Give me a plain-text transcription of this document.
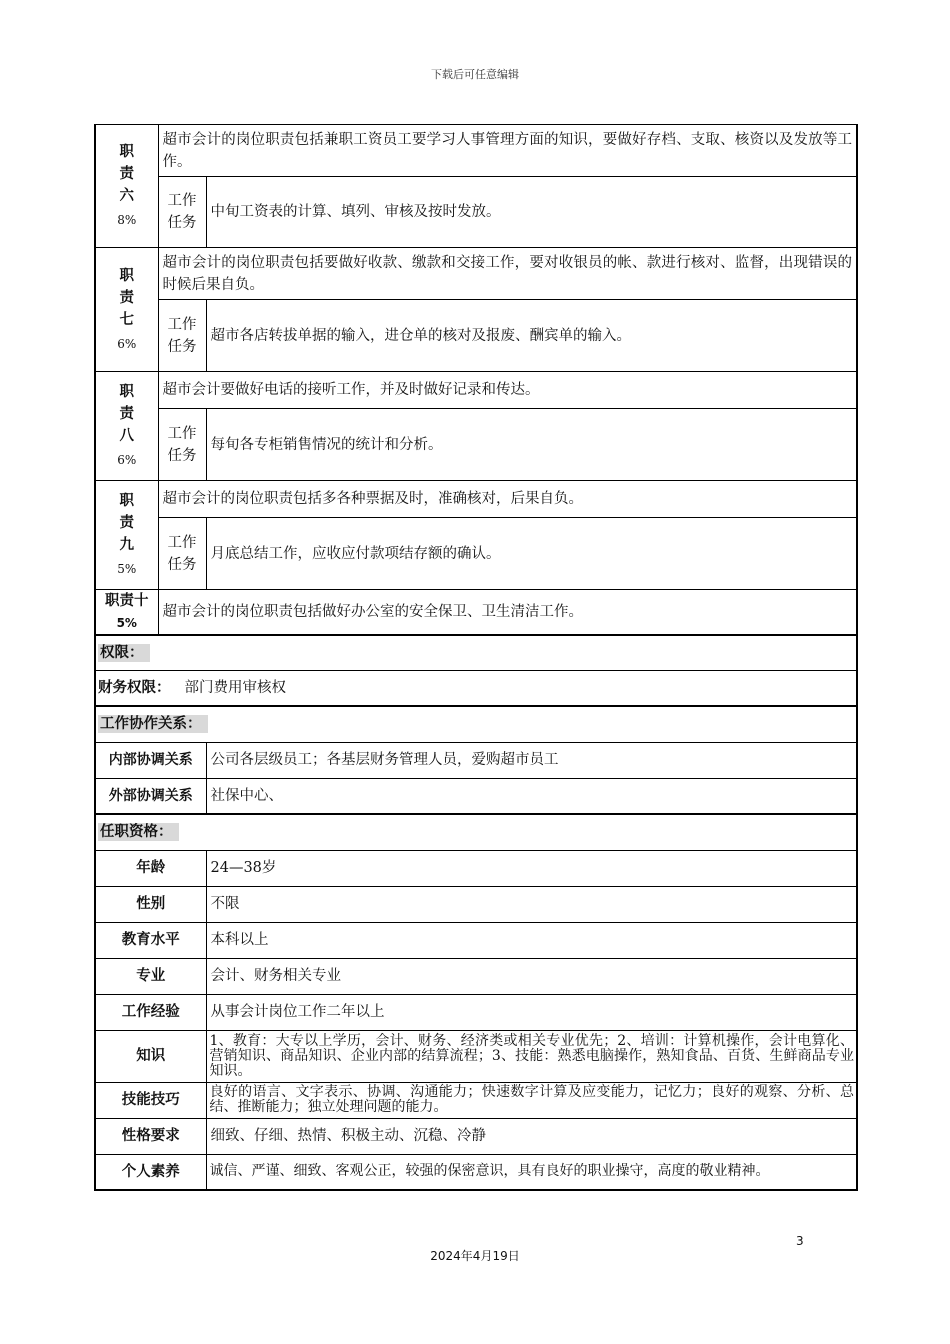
下载后可任意编辑
职责六
8%	超市会计的岗位职责包括兼职工资员工要学习人事管理方面的知识，要做好存档、支取、核资以及发放等工作。	

	工作任务	中旬工资表的计算、填列、审核及按时发放。

职责七
6%	超市会计的岗位职责包括要做好收款、缴款和交接工作，要对收银员的帐、款进行核对、监督，出现错误的时候后果自负。	

	工作任务	超市各店转拔单据的输入，进仓单的核对及报废、酬宾单的输入。

职责八
6%	超市会计要做好电话的接听工作，并及时做好记录和传达。	

	工作任务	每旬各专柜销售情况的统计和分析。

职责九
5%	超市会计的岗位职责包括多各种票据及时，准确核对，后果自负。	

	工作任务	月底总结工作，应收应付款项结存额的确认。

职责十
5%	超市会计的岗位职责包括做好办公室的安全保卫、卫生清洁工作。	
权限：		
财务权限： 部门费用审核权		
工作协作关系：		
内部协调关系		公司各层级员工；各基层财务管理人员，爱购超市员工
外部协调关系		社保中心、
任职资格：		
年龄		24—38岁
性别		不限
教育水平		本科以上
专业		会计、财务相关专业
工作经验		从事会计岗位工作二年以上
知识		1、教育：大专以上学历，会计、财务、经济类或相关专业优先；2、培训：计算机操作，会计电算化、营销知识、商品知识、企业内部的结算流程；3、技能：熟悉电脑操作，熟知食品、百货、生鲜商品专业知识。
技能技巧		良好的语言、文字表示、协调、沟通能力；快速数字计算及应变能力，记忆力；良好的观察、分析、总结、推断能力；独立处理问题的能力。
性格要求		细致、仔细、热情、积极主动、沉稳、冷静
个人素养		诚信、严谨、细致、客观公正，较强的保密意识，具有良好的职业操守，高度的敬业精神。
3
2024年4月19日
